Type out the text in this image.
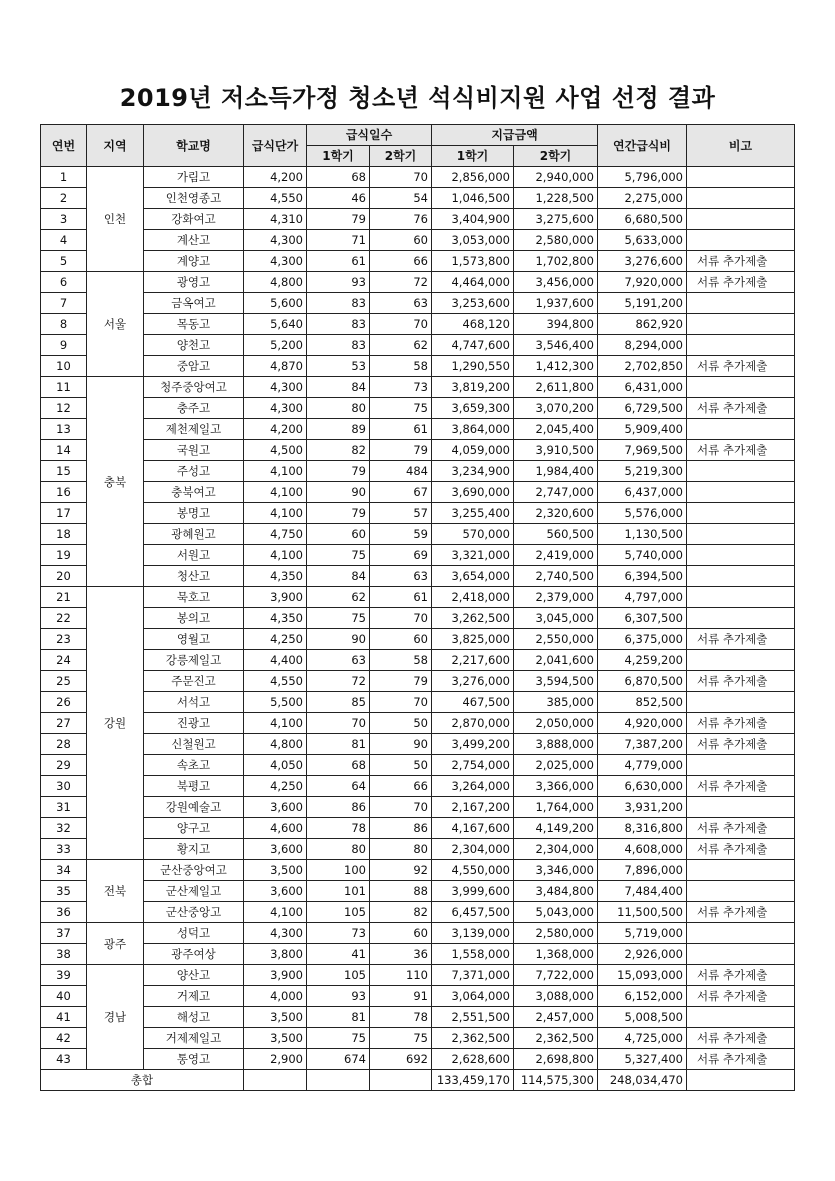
2019년 저소득가정 청소년 석식비지원 사업 선정 결과
연번	지역	학교명	급식단가	급식일수		지급금액		연간급식비	비고
				1학기	2학기	1학기	2학기		
1	인천	가림고	4,200	68	70	2,856,000	2,940,000	5,796,000	
2		인천영종고	4,550	46	54	1,046,500	1,228,500	2,275,000	
3		강화여고	4,310	79	76	3,404,900	3,275,600	6,680,500	
4		계산고	4,300	71	60	3,053,000	2,580,000	5,633,000	
5		계양고	4,300	61	66	1,573,800	1,702,800	3,276,600	서류 추가제출
6	서울	광영고	4,800	93	72	4,464,000	3,456,000	7,920,000	서류 추가제출
7		금옥여고	5,600	83	63	3,253,600	1,937,600	5,191,200	
8		목동고	5,640	83	70	468,120	394,800	862,920	
9		양천고	5,200	83	62	4,747,600	3,546,400	8,294,000	
10		중암고	4,870	53	58	1,290,550	1,412,300	2,702,850	서류 추가제출
11	충북	청주중앙여고	4,300	84	73	3,819,200	2,611,800	6,431,000	
12		충주고	4,300	80	75	3,659,300	3,070,200	6,729,500	서류 추가제출
13		제천제일고	4,200	89	61	3,864,000	2,045,400	5,909,400	
14		국원고	4,500	82	79	4,059,000	3,910,500	7,969,500	서류 추가제출
15		주성고	4,100	79	484	3,234,900	1,984,400	5,219,300	
16		충북여고	4,100	90	67	3,690,000	2,747,000	6,437,000	
17		봉명고	4,100	79	57	3,255,400	2,320,600	5,576,000	
18		광혜원고	4,750	60	59	570,000	560,500	1,130,500	
19		서원고	4,100	75	69	3,321,000	2,419,000	5,740,000	
20		청산고	4,350	84	63	3,654,000	2,740,500	6,394,500	
21	강원	묵호고	3,900	62	61	2,418,000	2,379,000	4,797,000	
22		봉의고	4,350	75	70	3,262,500	3,045,000	6,307,500	
23		영월고	4,250	90	60	3,825,000	2,550,000	6,375,000	서류 추가제출
24		강릉제일고	4,400	63	58	2,217,600	2,041,600	4,259,200	
25		주문진고	4,550	72	79	3,276,000	3,594,500	6,870,500	서류 추가제출
26		서석고	5,500	85	70	467,500	385,000	852,500	
27		진광고	4,100	70	50	2,870,000	2,050,000	4,920,000	서류 추가제출
28		신철원고	4,800	81	90	3,499,200	3,888,000	7,387,200	서류 추가제출
29		속초고	4,050	68	50	2,754,000	2,025,000	4,779,000	
30		북평고	4,250	64	66	3,264,000	3,366,000	6,630,000	서류 추가제출
31		강원예술고	3,600	86	70	2,167,200	1,764,000	3,931,200	
32		양구고	4,600	78	86	4,167,600	4,149,200	8,316,800	서류 추가제출
33		황지고	3,600	80	80	2,304,000	2,304,000	4,608,000	서류 추가제출
34	전북	군산중앙여고	3,500	100	92	4,550,000	3,346,000	7,896,000	
35		군산제일고	3,600	101	88	3,999,600	3,484,800	7,484,400	
36		군산중앙고	4,100	105	82	6,457,500	5,043,000	11,500,500	서류 추가제출
37	광주	성덕고	4,300	73	60	3,139,000	2,580,000	5,719,000	
38		광주여상	3,800	41	36	1,558,000	1,368,000	2,926,000	
39	경남	양산고	3,900	105	110	7,371,000	7,722,000	15,093,000	서류 추가제출
40		거제고	4,000	93	91	3,064,000	3,088,000	6,152,000	서류 추가제출
41		해성고	3,500	81	78	2,551,500	2,457,000	5,008,500	
42		거제제일고	3,500	75	75	2,362,500	2,362,500	4,725,000	서류 추가제출
43		통영고	2,900	674	692	2,628,600	2,698,800	5,327,400	서류 추가제출
총합						133,459,170	114,575,300	248,034,470	
